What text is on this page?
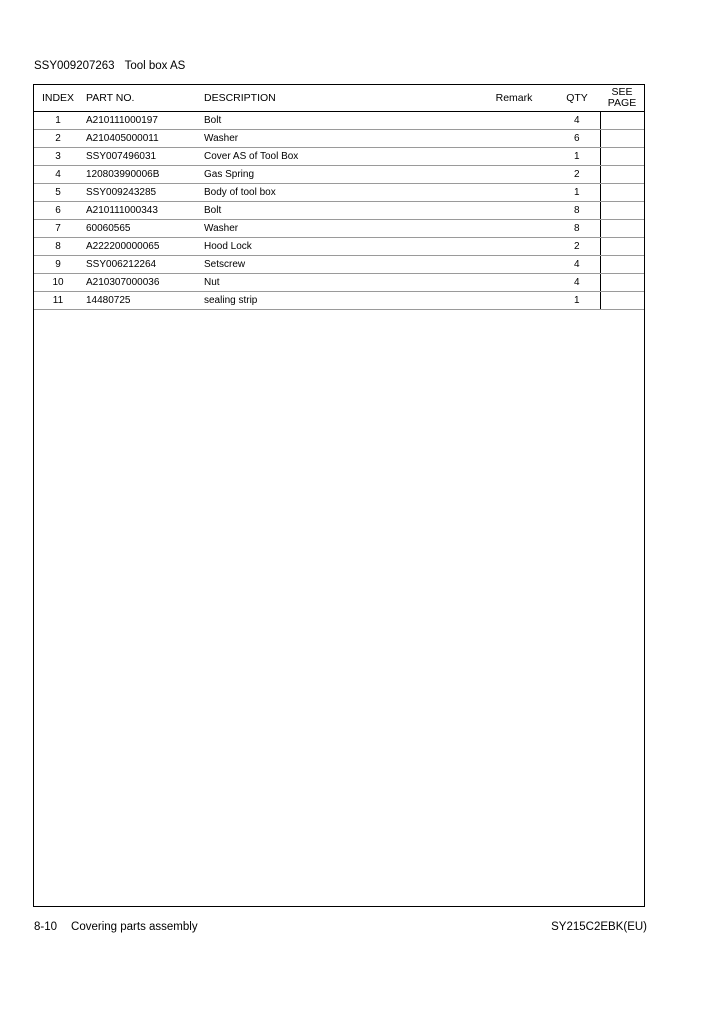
SSY009207263 Tool box AS
INDEX	PART NO.	DESCRIPTION	Remark	QTY	SEE
PAGE
1	A210111000197	Bolt		4	
2	A210405000011	Washer		6	
3	SSY007496031	Cover AS of Tool Box		1	
4	120803990006B	Gas Spring		2	
5	SSY009243285	Body of tool box		1	
6	A210111000343	Bolt		8	
7	60060565	Washer		8	
8	A222200000065	Hood Lock		2	
9	SSY006212264	Setscrew		4	
10	A210307000036	Nut		4	
11	14480725	sealing strip		1	
8-10 Covering parts assembly	SY215C2EBK(EU)
